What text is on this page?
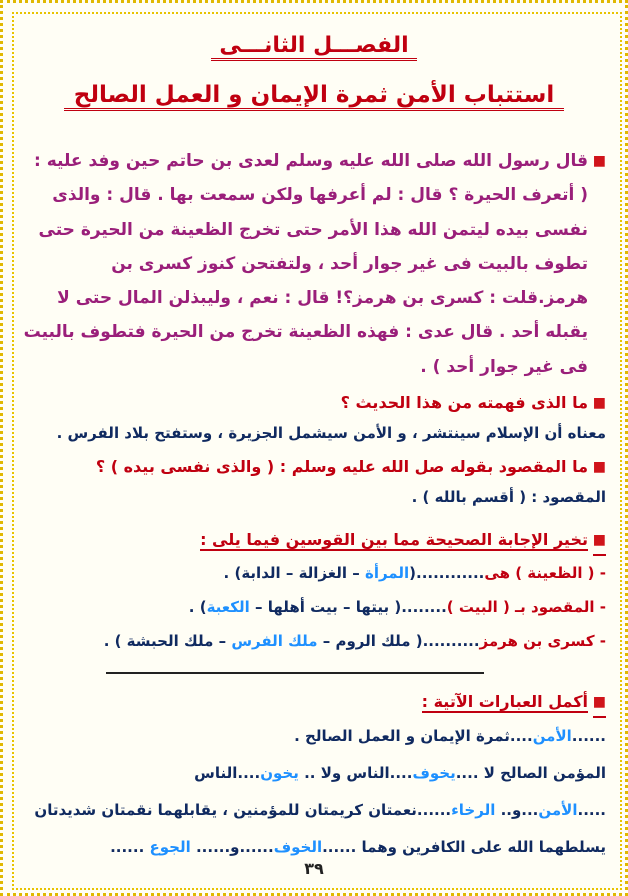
الفصـــل الثانـــى
استتباب الأمن ثمرة الإيمان و العمل الصالح
■
قال رسول الله صلى الله عليه وسلم لعدى بن حاتم حين وفد عليه : ( أتعرف الحيرة ؟ قال : لم أعرفها ولكن سمعت بها . قال : والذى نفسى بيده ليتمن الله هذا الأمر حتى تخرج الظعينة من الحيرة حتى تطوف بالبيت فى غير جوار أحد ، ولتفتحن كنوز كسرى بن هرمز.قلت : كسرى بن هرمز؟! قال : نعم ، وليبذلن المال حتى لا يقبله أحد . قال عدى : فهذه الظعينة تخرج من الحيرة فتطوف بالبيت فى غير جوار أحد ) .
■
ما الذى فهمته من هذا الحديث ؟
معناه أن الإسلام سينتشر ، و الأمن سيشمل الجزيرة ، وستفتح بلاد الفرس .
■
ما المقصود بقوله صل الله عليه وسلم : ( والذى نفسى بيده ) ؟
المقصود : ( أقسم بالله ) .
■
تخير الإجابة الصحيحة مما بين القوسين فيما يلى :
- ( الظعينة ) هى............(المرأة – الغزالة – الدابة) .
- المقصود بـ ( البيت )........( بيتها – بيت أهلها – الكعبة) .
- كسرى بن هرمز..........( ملك الروم – ملك الفرس – ملك الحبشة ) .
■
أكمل العبارات الآتية :
......الأمن....ثمرة الإيمان و العمل الصالح .
المؤمن الصالح لا ....يخوف....الناس ولا .. يخون....الناس
.....الأمن...و.. الرخاء......نعمتان كريمتان للمؤمنين ، يقابلهما نقمتان شديدتان
يسلطهما الله على الكافرين وهما ......الخوف......و...... الجوع ......
٣٩
